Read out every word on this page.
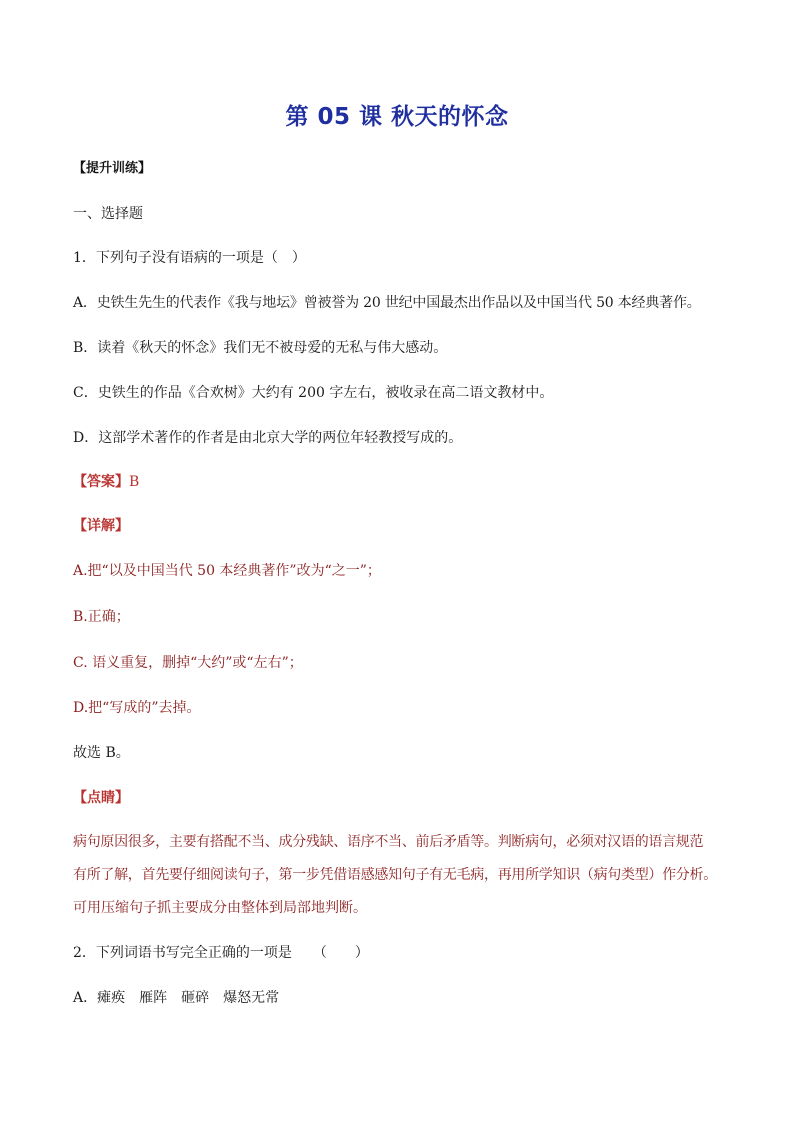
第 05 课 秋天的怀念
【提升训练】
一、选择题
1．下列句子没有语病的一项是（　）
A．史铁生先生的代表作《我与地坛》曾被誉为 20 世纪中国最杰出作品以及中国当代 50 本经典著作。
B．读着《秋天的怀念》我们无不被母爱的无私与伟大感动。
C．史铁生的作品《合欢树》大约有 200 字左右，被收录在高二语文教材中。
D．这部学术著作的作者是由北京大学的两位年轻教授写成的。
【答案】B
【详解】
A.把“以及中国当代 50 本经典著作”改为“之一”；
B.正确；
C. 语义重复，删掉“大约”或“左右”；
D.把“写成的”去掉。
故选 B。
【点睛】
病句原因很多，主要有搭配不当、成分残缺、语序不当、前后矛盾等。判断病句，必须对汉语的语言规范
有所了解，首先要仔细阅读句子，第一步凭借语感感知句子有无毛病，再用所学知识（病句类型）作分析。
可用压缩句子抓主要成分由整体到局部地判断。
2．下列词语书写完全正确的一项是　　（　　）
A．瘫痪　雁阵　砸碎　爆怒无常
